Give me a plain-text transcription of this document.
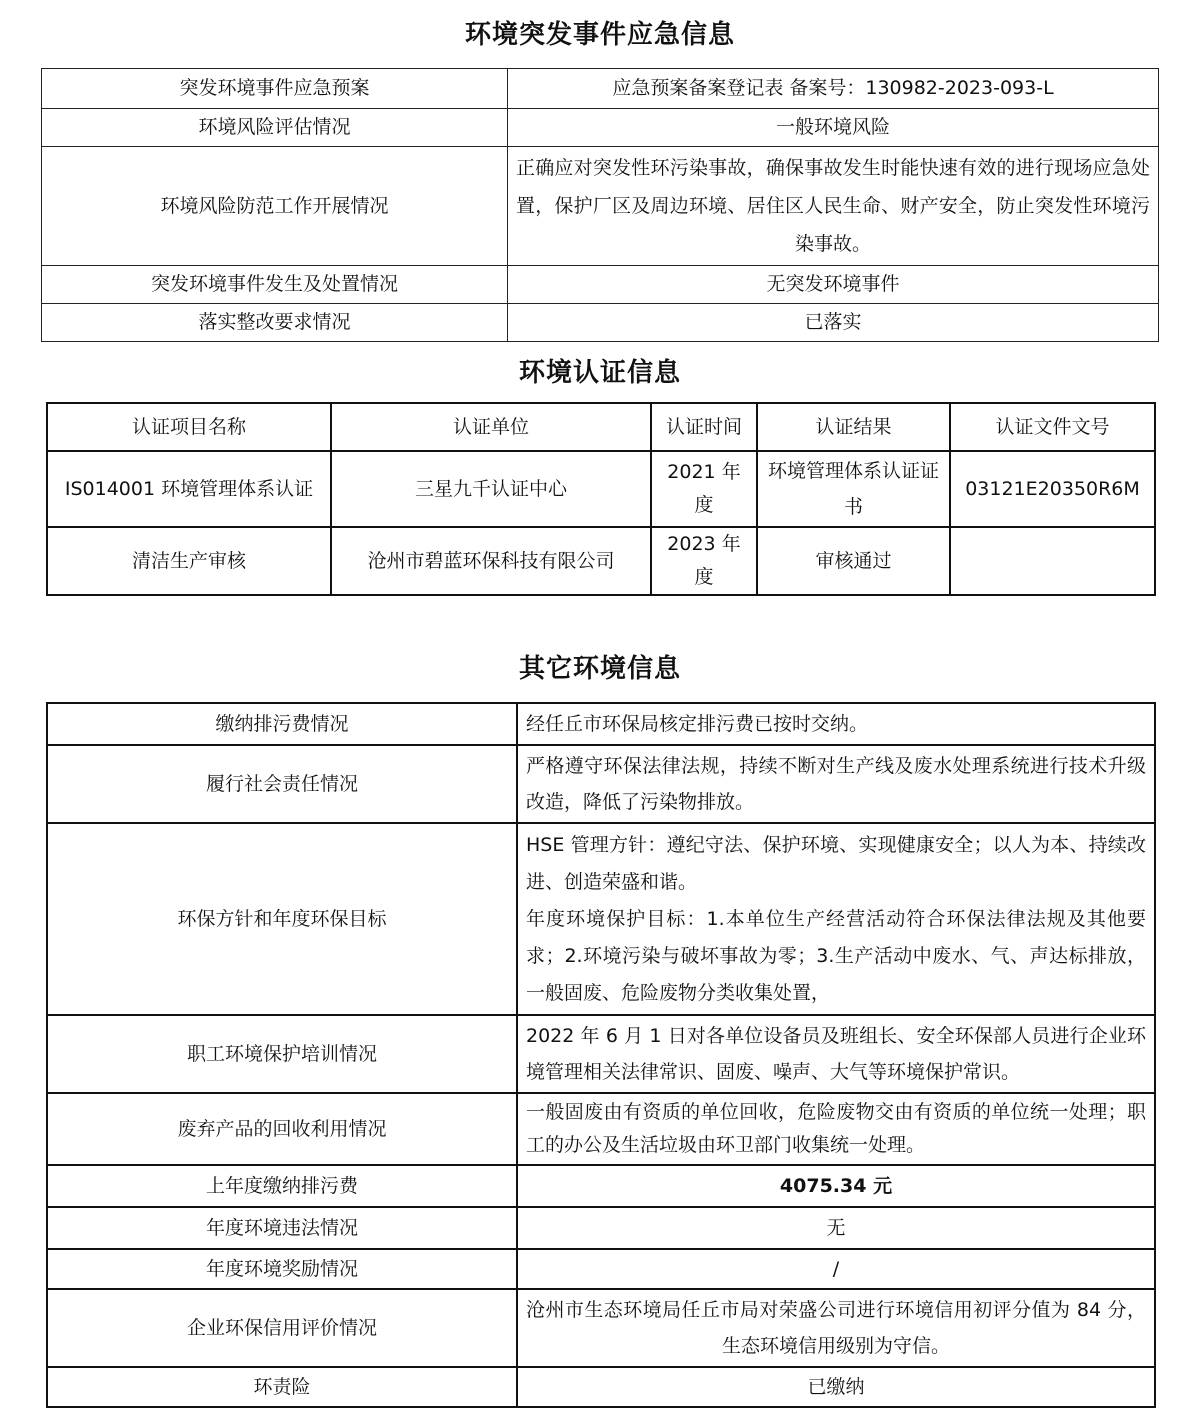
环境突发事件应急信息
突发环境事件应急预案	应急预案备案登记表 备案号：130982-2023-093-L
环境风险评估情况	一般环境风险
环境风险防范工作开展情况	正确应对突发性环污染事故，确保事故发生时能快速有效的进行现场应急处置，保护厂区及周边环境、居住区人民生命、财产安全，防止突发性环境污染事故。
突发环境事件发生及处置情况	无突发环境事件
落实整改要求情况	已落实
环境认证信息
认证项目名称	认证单位	认证时间	认证结果	认证文件文号
IS014001 环境管理体系认证	三星九千认证中心	2021 年度	环境管理体系认证证书	03121E20350R6M
清洁生产审核	沧州市碧蓝环保科技有限公司	2023 年度	审核通过	
其它环境信息
缴纳排污费情况	经任丘市环保局核定排污费已按时交纳。
履行社会责任情况	严格遵守环保法律法规，持续不断对生产线及废水处理系统进行技术升级改造，降低了污染物排放。
环保方针和年度环保目标	HSE 管理方针：遵纪守法、保护环境、实现健康安全；以人为本、持续改进、创造荣盛和谐。
年度环境保护目标：1.本单位生产经营活动符合环保法律法规及其他要求；2.环境污染与破坏事故为零；3.生产活动中废水、气、声达标排放，一般固废、危险废物分类收集处置，

职工环境保护培训情况	2022 年 6 月 1 日对各单位设备员及班组长、安全环保部人员进行企业环境管理相关法律常识、固废、噪声、大气等环境保护常识。
废弃产品的回收利用情况	一般固废由有资质的单位回收，危险废物交由有资质的单位统一处理；职工的办公及生活垃圾由环卫部门收集统一处理。
上年度缴纳排污费	4075.34 元
年度环境违法情况	无
年度环境奖励情况	/
企业环保信用评价情况	沧州市生态环境局任丘市局对荣盛公司进行环境信用初评分值为 84 分，生态环境信用级别为守信。
环责险	已缴纳
